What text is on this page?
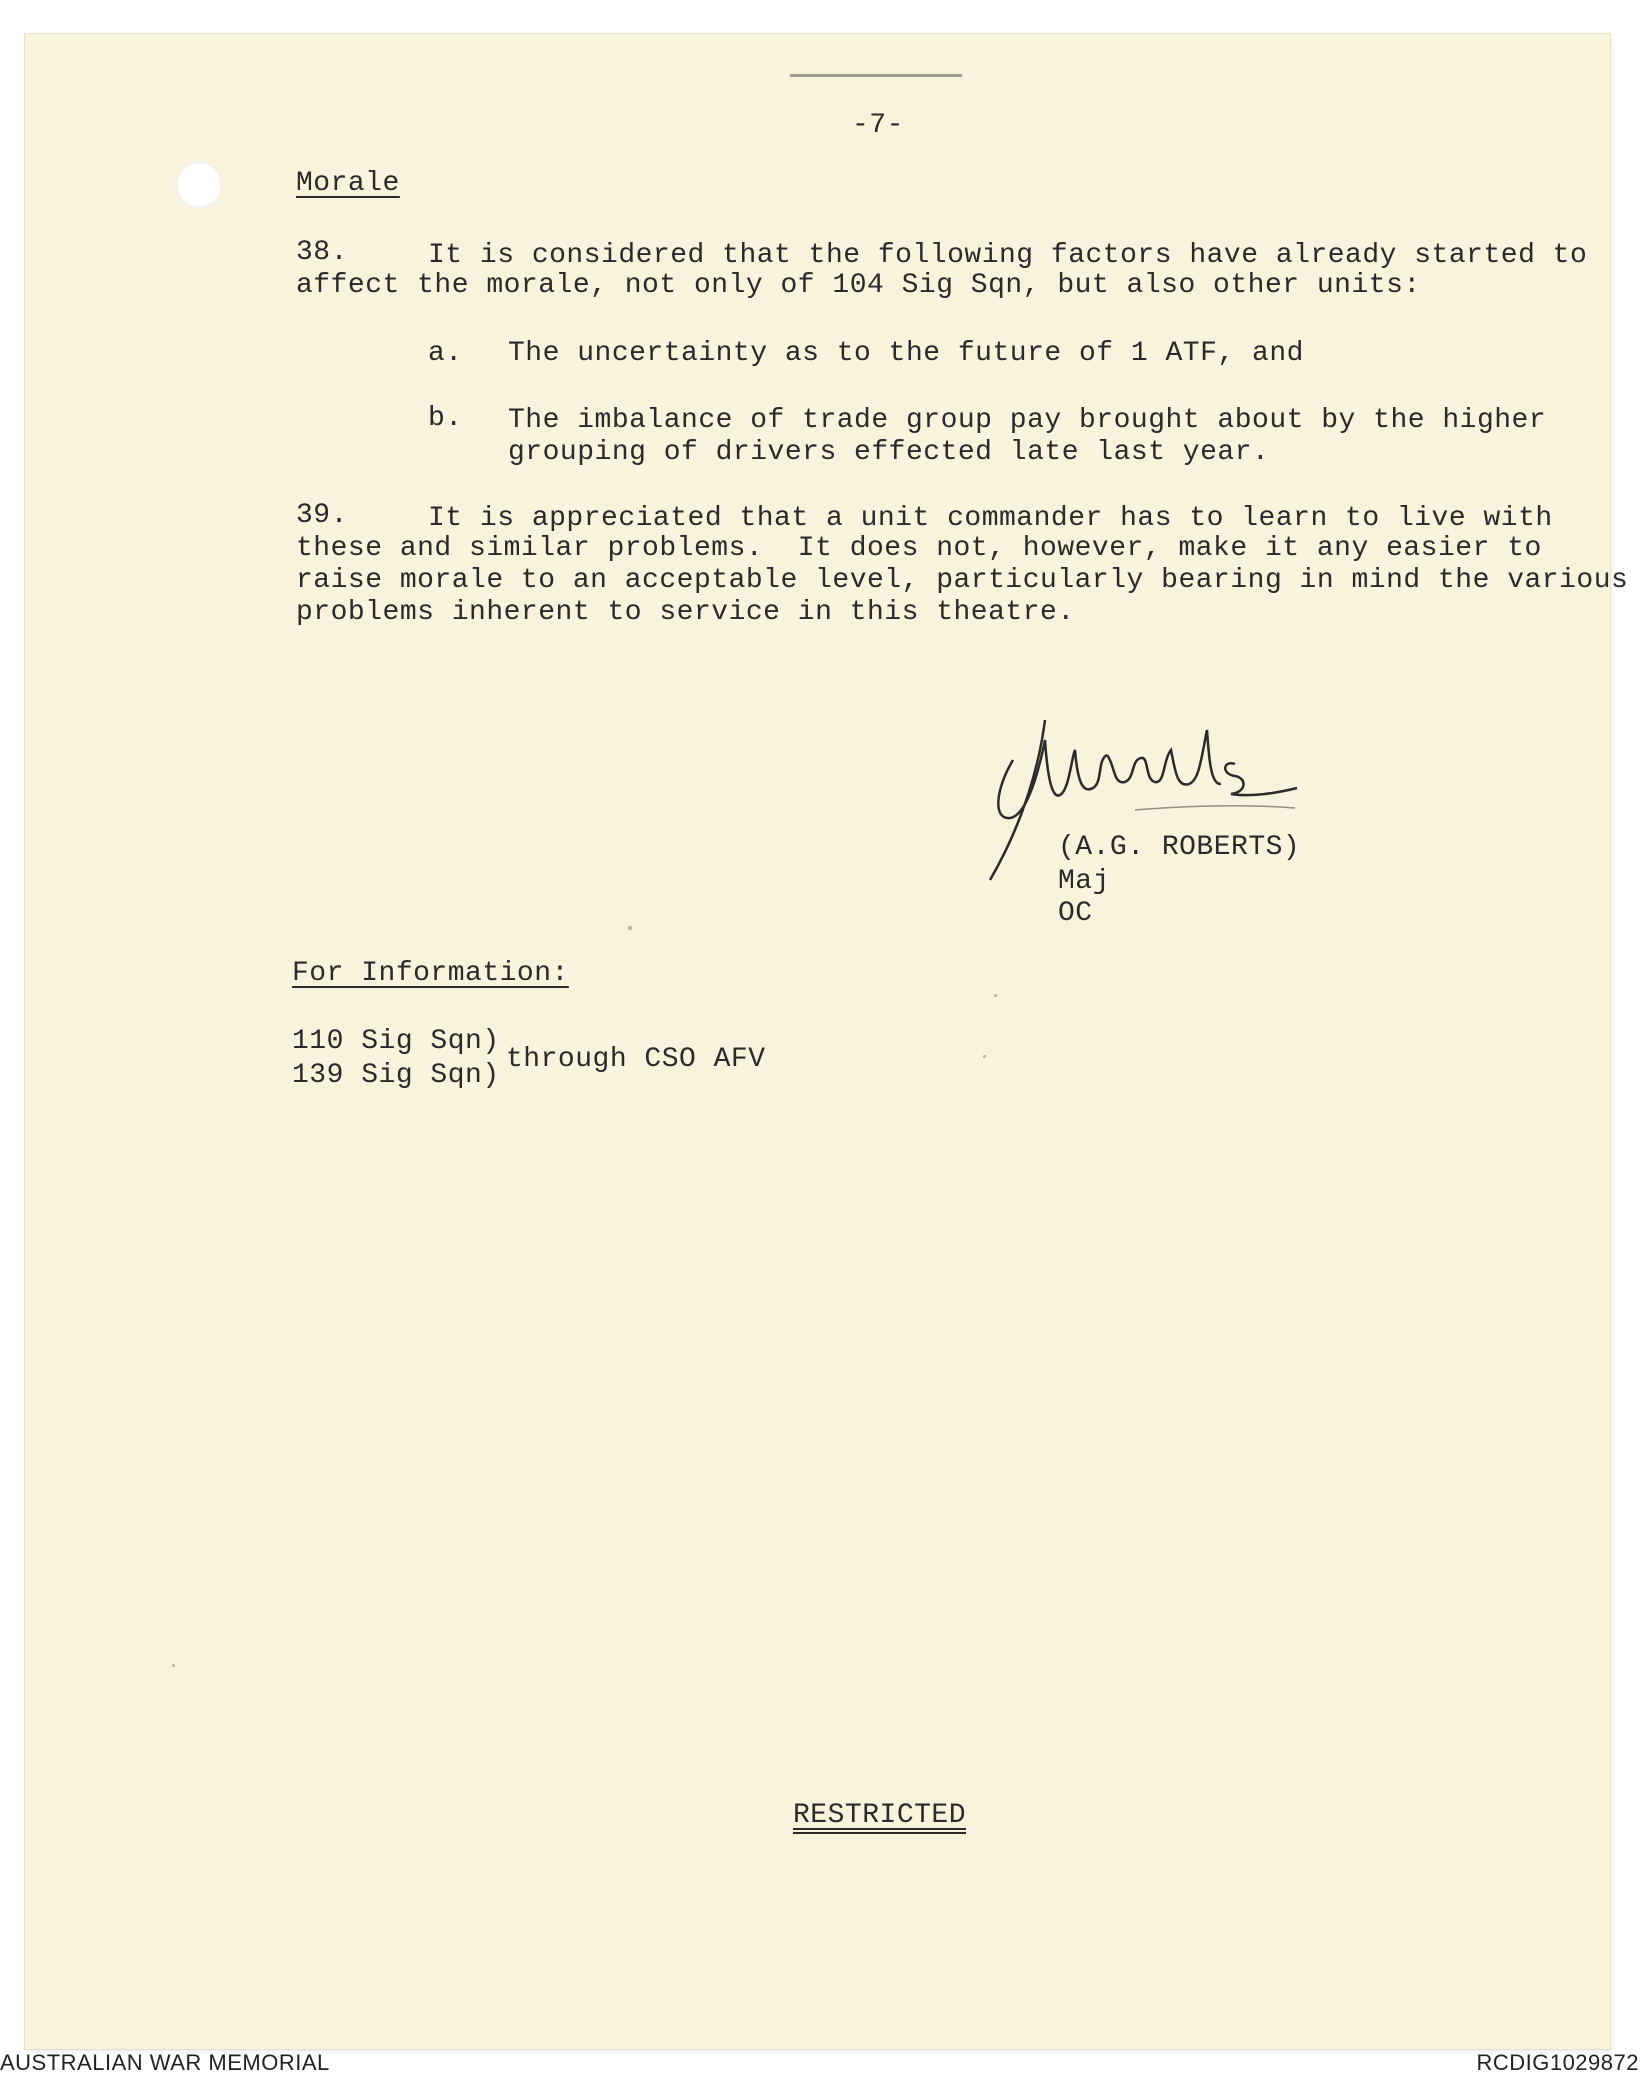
-7-
Morale
38.	It is considered that the following factors have already started to
affect the morale, not only of 104 Sig Sqn, but also other units:
a. The uncertainty as to the future of 1 ATF, and
b. The imbalance of trade group pay brought about by the higher
grouping of drivers effected late last year.
39.	It is appreciated that a unit commander has to learn to live with
these and similar problems.  It does not, however, make it any easier to
raise morale to an acceptable level, particularly bearing in mind the various
problems inherent to service in this theatre.
(A.G. ROBERTS)
Maj
OC
For Information:
110 Sig Sqn)
139 Sig Sqn)
through CSO AFV
RESTRICTED
AUSTRALIAN WAR MEMORIAL	RCDIG1029872
